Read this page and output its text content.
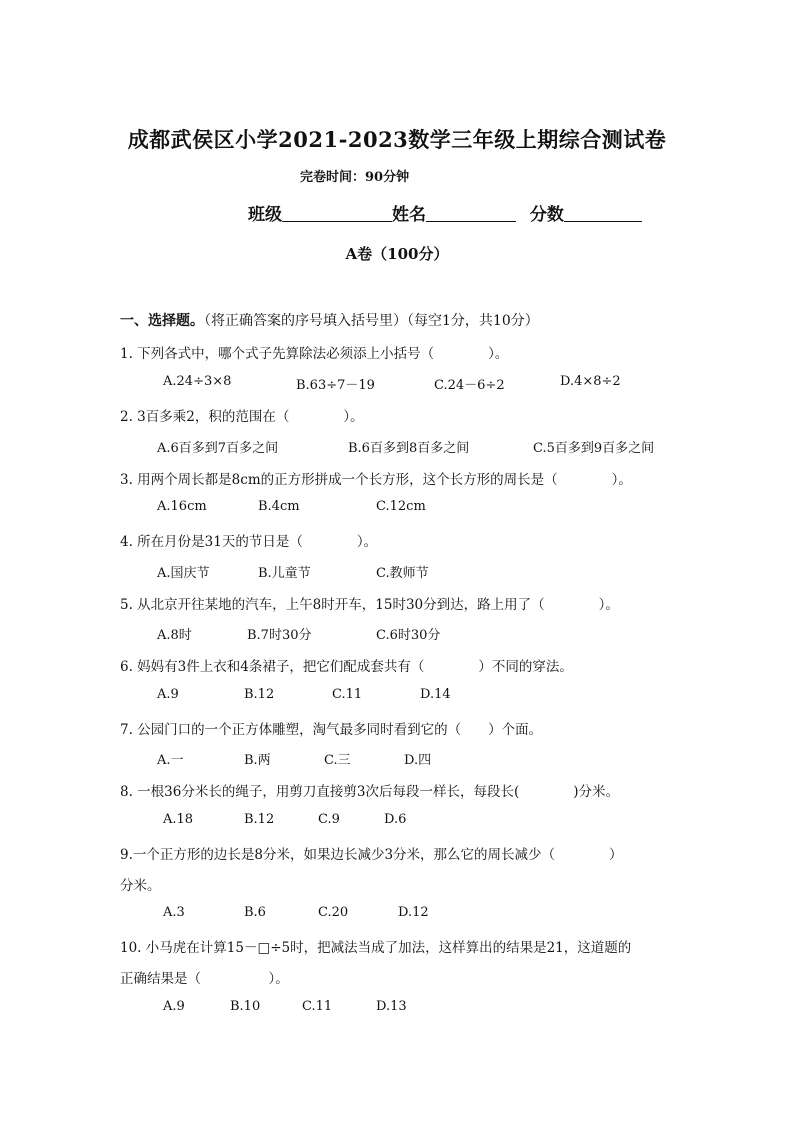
成都武侯区小学2021-2023数学三年级上期综合测试卷
完卷时间：90分钟
班级	姓名	分数
A卷（100分）
一、选择题。（将正确答案的序号填入括号里）（每空1分，共10分）
1. 下列各式中，哪个式子先算除法必须添上小括号（　　　　）。
A.24÷3×8	B.63÷7－19	C.24－6÷2	D.4×8÷2
2. 3百多乘2，积的范围在（　　　　）。
A.6百多到7百多之间	B.6百多到8百多之间	C.5百多到9百多之间
3. 用两个周长都是8cm的正方形拼成一个长方形，这个长方形的周长是（　　　　）。
A.16cm	B.4cm	C.12cm
4. 所在月份是31天的节日是（　　　　）。
A.国庆节	B.儿童节	C.教师节
5. 从北京开往某地的汽车，上午8时开车，15时30分到达，路上用了（　　　　）。
A.8时	B.7时30分	C.6时30分
6. 妈妈有3件上衣和4条裙子，把它们配成套共有（　　　　）不同的穿法。
A.9	B.12	C.11	D.14
7. 公园门口的一个正方体雕塑，淘气最多同时看到它的（　　）个面。
A.一	B.两	C.三	D.四
8. 一根36分米长的绳子，用剪刀直接剪3次后每段一样长，每段长(　　　　)分米。
A.18	B.12	C.9	D.6
9.一个正方形的边长是8分米，如果边长减少3分米，那么它的周长减少（　　　　）
分米。
A.3	B.6	C.20	D.12
10. 小马虎在计算15－□÷5时，把减法当成了加法，这样算出的结果是21，这道题的
正确结果是（　　　　　）。
A.9	B.10	C.11	D.13
